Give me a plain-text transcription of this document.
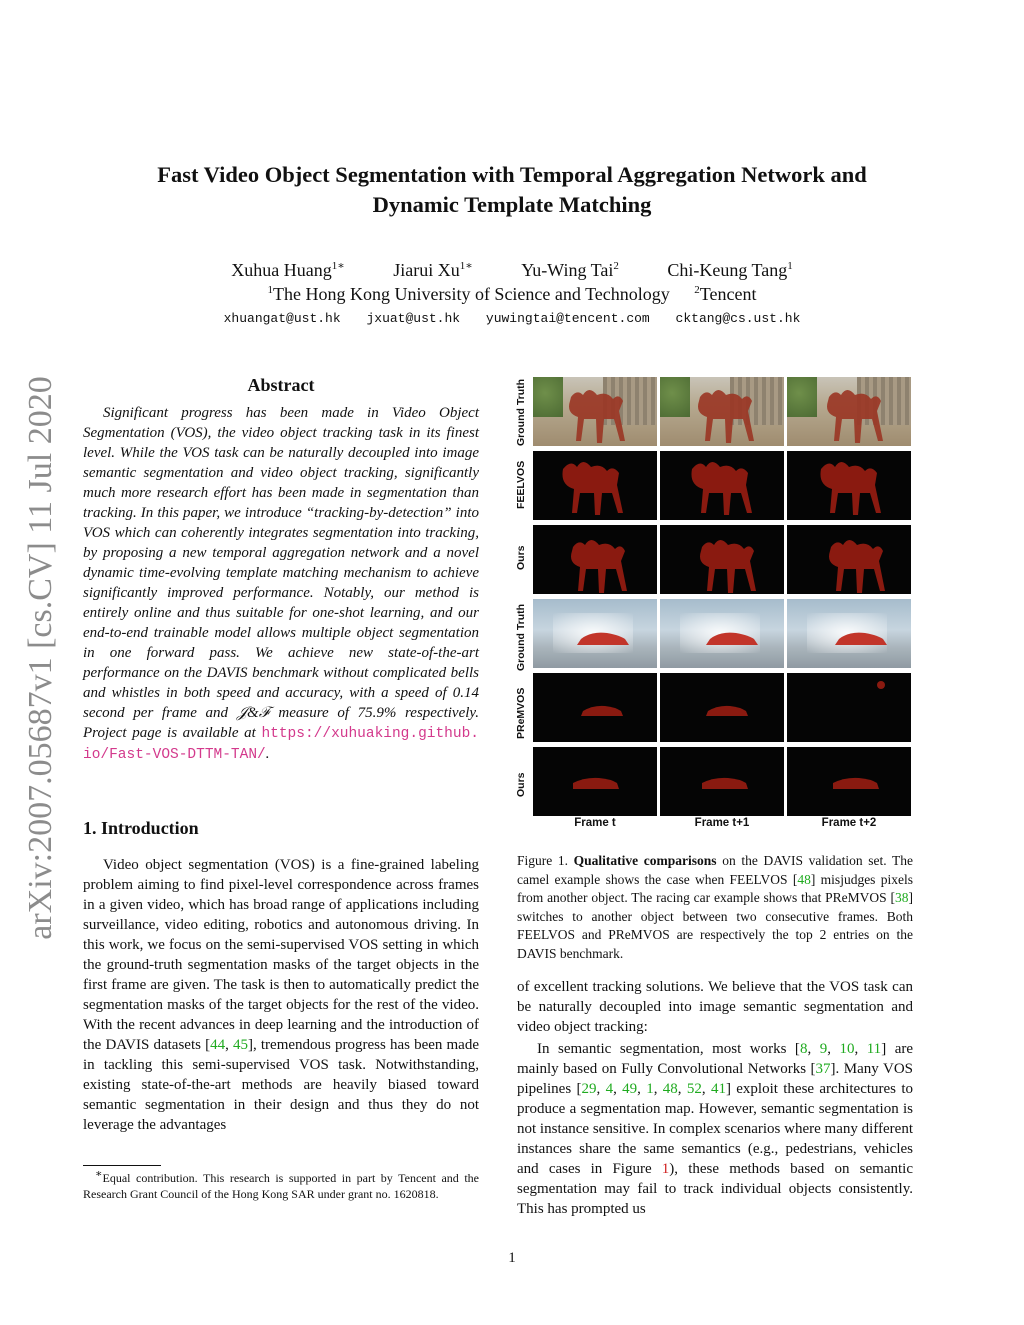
arXiv:2007.05687v1 [cs.CV] 11 Jul 2020
Fast Video Object Segmentation with Temporal Aggregation Network and
Dynamic Template Matching
Xuhua Huang$^{1∗}$	Jiarui $Xu^{1∗}$	Yu-Wing Tai$^2$	Chi-Keung Tang$^1$
$^1$The Hong Kong University of Science and Technology $^2$Tencent
xhuangat@ust.hk jxuat@ust.hk yuwingtai@tencent.com cktang@cs.ust.hk
Abstract

Significant progress has been made in Video Object Segmentation (VOS), the video object tracking task in its finest level. While the VOS task can be naturally decoupled into image semantic segmentation and video object tracking, significantly much more research effort has been made in segmentation than tracking. In this paper, we introduce “tracking-by-detection” into VOS which can coherently integrates segmentation into tracking, by proposing a new temporal aggregation network and a novel dynamic time-evolving template matching mechanism to achieve significantly improved performance. Notably, our method is entirely online and thus suitable for one-shot learning, and our end-to-end trainable model allows multiple object segmentation in one forward pass. We achieve new state-of-the-art performance on the DAVIS benchmark without complicated bells and whistles in both speed and accuracy, with a speed of 0.14 second per frame and 𝒥&ℱ measure of 75.9% respectively. Project page is available at https://xuhuaking.github. io/Fast-VOS-DTTM-TAN/.

1. Introduction

Video object segmentation (VOS) is a fine-grained labeling problem aiming to find pixel-level correspondence across frames in a given video, which has broad range of applications including surveillance, video editing, robotics and autonomous driving. In this work, we focus on the semi-supervised VOS setting in which the ground-truth segmentation masks of the target objects in the first frame are given. The task is then to automatically predict the segmentation masks of the target objects for the rest of the video. With the recent advances in deep learning and the introduction of the DAVIS datasets [44, 45], tremendous progress has been made in tackling this semi-supervised VOS task. Notwithstanding, existing state-of-the-art methods are heavily biased toward semantic segmentation in their design and thus they do not leverage the advantages

∗Equal contribution. This research is supported in part by Tencent and the Research Grant Council of the Hong Kong SAR under grant no. 1620818.

Ground Truth
FEELVOS
Ours
Ground Truth
PReMVOS
Ours
Frame t	Frame t+1	Frame t+2

Figure 1. Qualitative comparisons on the DAVIS validation set. The camel example shows the case when FEELVOS [48] misjudges pixels from another object. The racing car example shows that PReMVOS [38] switches to another object between two consecutive frames. Both FEELVOS and PReMVOS are respectively the top 2 entries on the DAVIS benchmark.

of excellent tracking solutions. We believe that the VOS task can be naturally decoupled into image semantic segmentation and video object tracking:

In semantic segmentation, most works [8, 9, 10, 11] are mainly based on Fully Convolutional Networks [37]. Many VOS pipelines [29, 4, 49, 1, 48, 52, 41] exploit these architectures to produce a segmentation map. However, semantic segmentation is not instance sensitive. In complex scenarios where many different instances share the same semantics (e.g., pedestrians, vehicles and cases in Figure 1), these methods based on semantic segmentation may fail to track individual objects consistently. This has prompted us

1
